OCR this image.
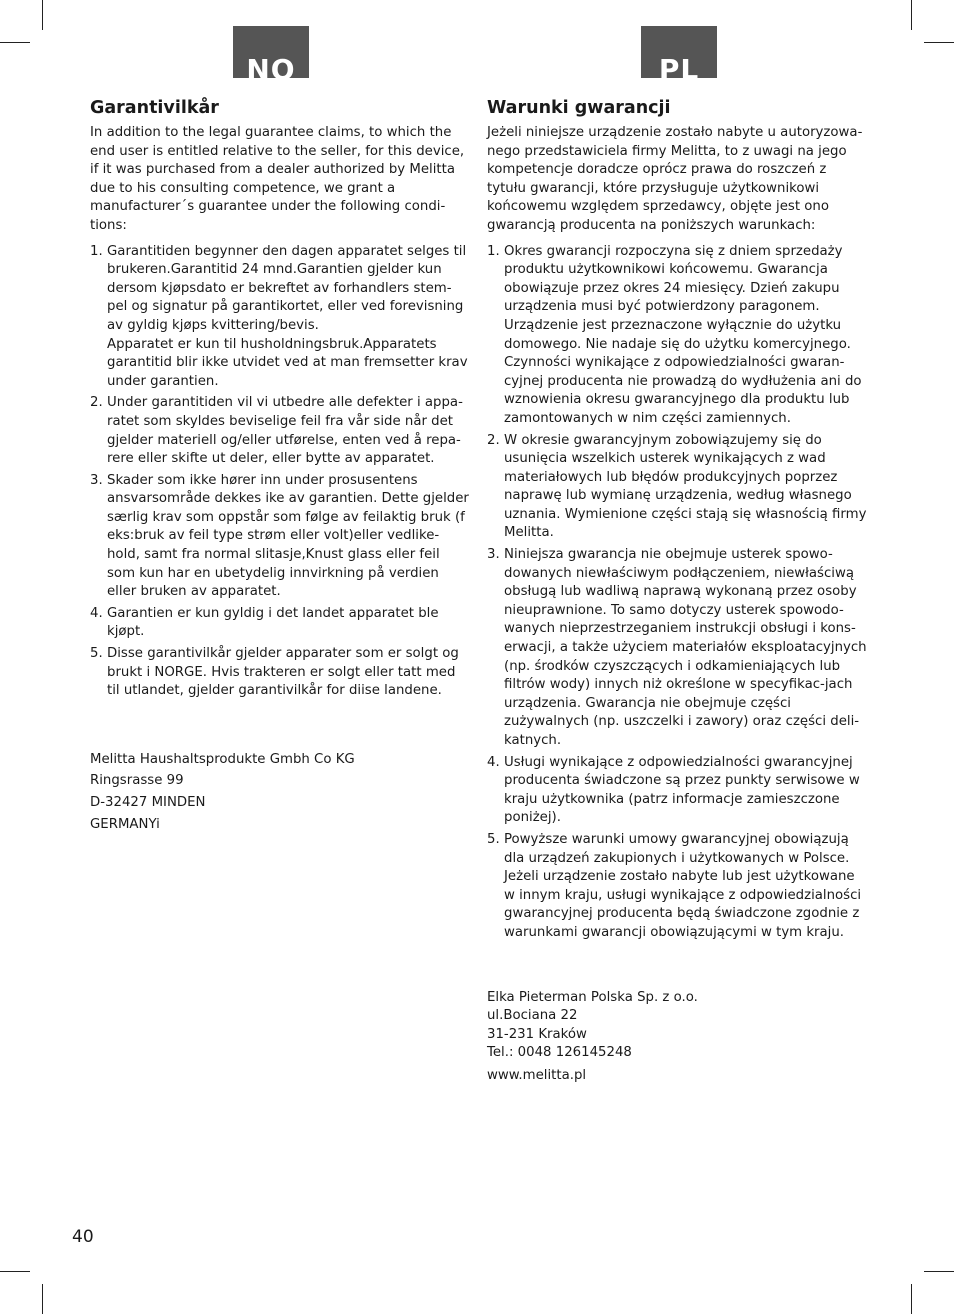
NO	PL
Garantivilkår

In addition to the legal guarantee claims, to which the end user is entitled relative to the seller, for this device, if it was purchased from a dealer authorized by Melitta due to his consulting competence, we grant a manufacturer´s guarantee under the following condi-tions:

1. Garantitiden begynner den dagen apparatet selges til brukeren.Garantitid 24 mnd.Garantien gjelder kun dersom kjøpsdato er bekreftet av forhandlers stem-pel og signatur på garantikortet, eller ved forevisning av gyldig kjøps kvittering/bevis.
Apparatet er kun til husholdningsbruk.Apparatets garantitid blir ikke utvidet ved at man fremsetter krav under garantien.
2. Under garantitiden vil vi utbedre alle defekter i appa-ratet som skyldes beviselige feil fra vår side når det gjelder materiell og/eller utførelse, enten ved å repa-rere eller skifte ut deler, eller bytte av apparatet.
3. Skader som ikke hører inn under prosusentens ansvarsområde dekkes ike av garantien. Dette gjelder særlig krav som oppstår som følge av feilaktig bruk (f eks:bruk av feil type strøm eller volt)eller vedlike-hold, samt fra normal slitasje,Knust glass eller feil som kun har en ubetydelig innvirkning på verdien eller bruken av apparatet.
4. Garantien er kun gyldig i det landet apparatet ble kjøpt.
5. Disse garantivilkår gjelder apparater som er solgt og brukt i NORGE. Hvis trakteren er solgt eller tatt med til utlandet, gjelder garantivilkår for diise landene.
Melitta Haushaltsprodukte Gmbh Co KG
Ringsrasse 99
D-32427 MINDEN
GERMANYi
Warunki gwarancji

Jeżeli niniejsze urządzenie zostało nabyte u autoryzowa-nego przedstawiciela firmy Melitta, to z uwagi na jego kompetencje doradcze oprócz prawa do roszczeń z tytułu gwarancji, które przysługuje użytkownikowi końcowemu względem sprzedawcy, objęte jest ono gwarancją producenta na poniższych warunkach:

1. Okres gwarancji rozpoczyna się z dniem sprzedaży produktu użytkownikowi końcowemu. Gwarancja obowiązuje przez okres 24 miesięcy. Dzień zakupu urządzenia musi być potwierdzony paragonem. Urządzenie jest przeznaczone wyłącznie do użytku domowego. Nie nadaje się do użytku komercyjnego. Czynności wynikające z odpowiedzialności gwaran-cyjnej producenta nie prowadzą do wydłużenia ani do wznowienia okresu gwarancyjnego dla produktu lub zamontowanych w nim części zamiennych.
2. W okresie gwarancyjnym zobowiązujemy się do usunięcia wszelkich usterek wynikających z wad materiałowych lub błędów produkcyjnych poprzez naprawę lub wymianę urządzenia, według własnego uznania. Wymienione części stają się własnością firmy Melitta.
3. Niniejsza gwarancja nie obejmuje usterek spowo-dowanych niewłaściwym podłączeniem, niewłaściwą obsługą lub wadliwą naprawą wykonaną przez osoby nieuprawnione. To samo dotyczy usterek spowodo-wanych nieprzestrzeganiem instrukcji obsługi i kons-erwacji, a także użyciem materiałów eksploatacyjnych (np. środków czyszczących i odkamieniających lub filtrów wody) innych niż określone w specyfikac-jach urządzenia. Gwarancja nie obejmuje części zużywalnych (np. uszczelki i zawory) oraz części deli-katnych.
4. Usługi wynikające z odpowiedzialności gwarancyjnej producenta świadczone są przez punkty serwisowe w kraju użytkownika (patrz informacje zamieszczone poniżej).
5. Powyższe warunki umowy gwarancyjnej obowiązują dla urządzeń zakupionych i użytkowanych w Polsce. Jeżeli urządzenie zostało nabyte lub jest użytkowane w innym kraju, usługi wynikające z odpowiedzialności gwarancyjnej producenta będą świadczone zgodnie z warunkami gwarancji obowiązującymi w tym kraju.
Elka Pieterman Polska Sp. z o.o.
ul.Bociana 22
31-231 Kraków
Tel.: 0048 126145248
www.melitta.pl
40
